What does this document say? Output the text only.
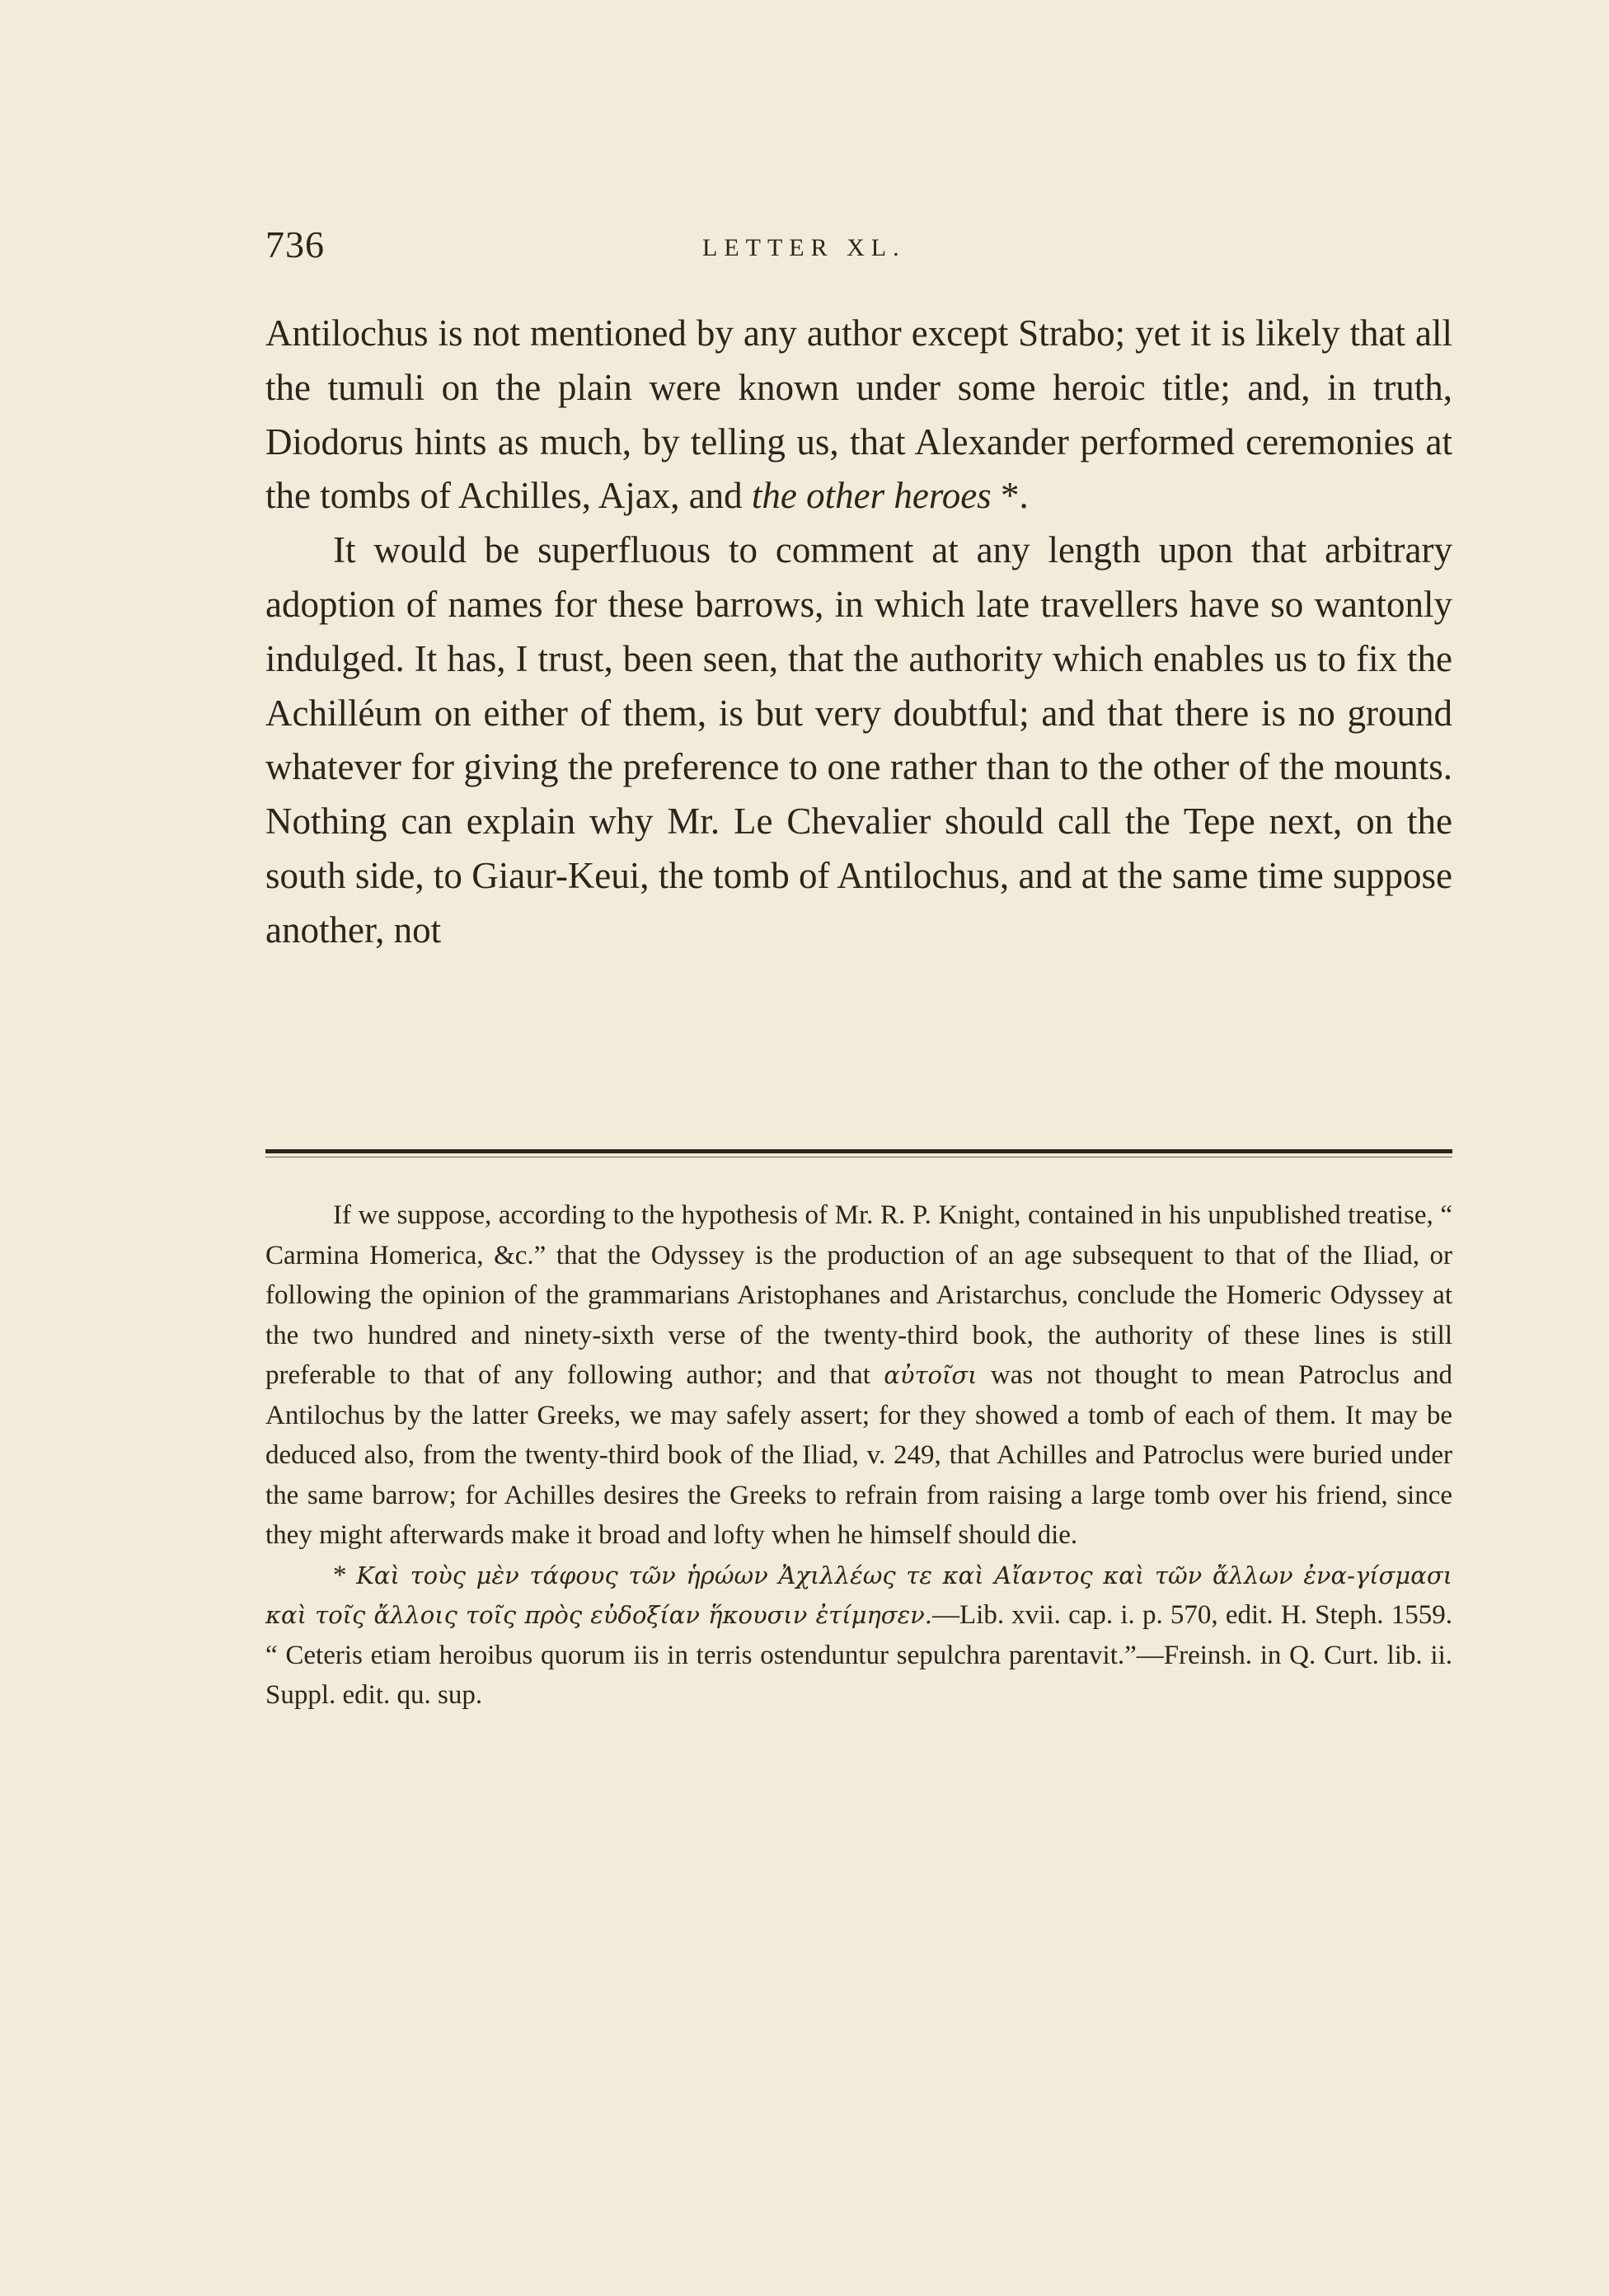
736	LETTER XL.

Antilochus is not mentioned by any author except Strabo; yet it is likely that all the tumuli on the plain were known under some heroic title; and, in truth, Diodorus hints as much, by telling us, that Alexander performed ceremonies at the tombs of Achilles, Ajax, and the other heroes *.

It would be superfluous to comment at any length upon that arbitrary adoption of names for these barrows, in which late travellers have so wantonly indulged. It has, I trust, been seen, that the authority which enables us to fix the Achilléum on either of them, is but very doubtful; and that there is no ground whatever for giving the preference to one rather than to the other of the mounts. Nothing can explain why Mr. Le Chevalier should call the Tepe next, on the south side, to Giaur-Keui, the tomb of Antilochus, and at the same time suppose another, not

If we suppose, according to the hypothesis of Mr. R. P. Knight, contained in his unpublished treatise, “ Carmina Homerica, &c.” that the Odyssey is the production of an age subsequent to that of the Iliad, or following the opinion of the grammarians Aristophanes and Aristarchus, conclude the Homeric Odyssey at the two hundred and ninety-sixth verse of the twenty-third book, the authority of these lines is still preferable to that of any following author; and that αὐτοῖσι was not thought to mean Patroclus and Antilochus by the latter Greeks, we may safely assert; for they showed a tomb of each of them. It may be deduced also, from the twenty-third book of the Iliad, v. 249, that Achilles and Patroclus were buried under the same barrow; for Achilles desires the Greeks to refrain from raising a large tomb over his friend, since they might afterwards make it broad and lofty when he himself should die.

* Καὶ τοὺς μὲν τάφους τῶν ἡρώων Ἀχιλλέως τε καὶ Αἴαντος καὶ τῶν ἄλλων ἐνα-γίσμασι καὶ τοῖς ἄλλοις τοῖς πρὸς εὐδοξίαν ἥκουσιν ἐτίμησεν.—Lib. xvii. cap. i. p. 570, edit. H. Steph. 1559. “ Ceteris etiam heroibus quorum iis in terris ostenduntur sepulchra parentavit.”—Freinsh. in Q. Curt. lib. ii. Suppl. edit. qu. sup.
